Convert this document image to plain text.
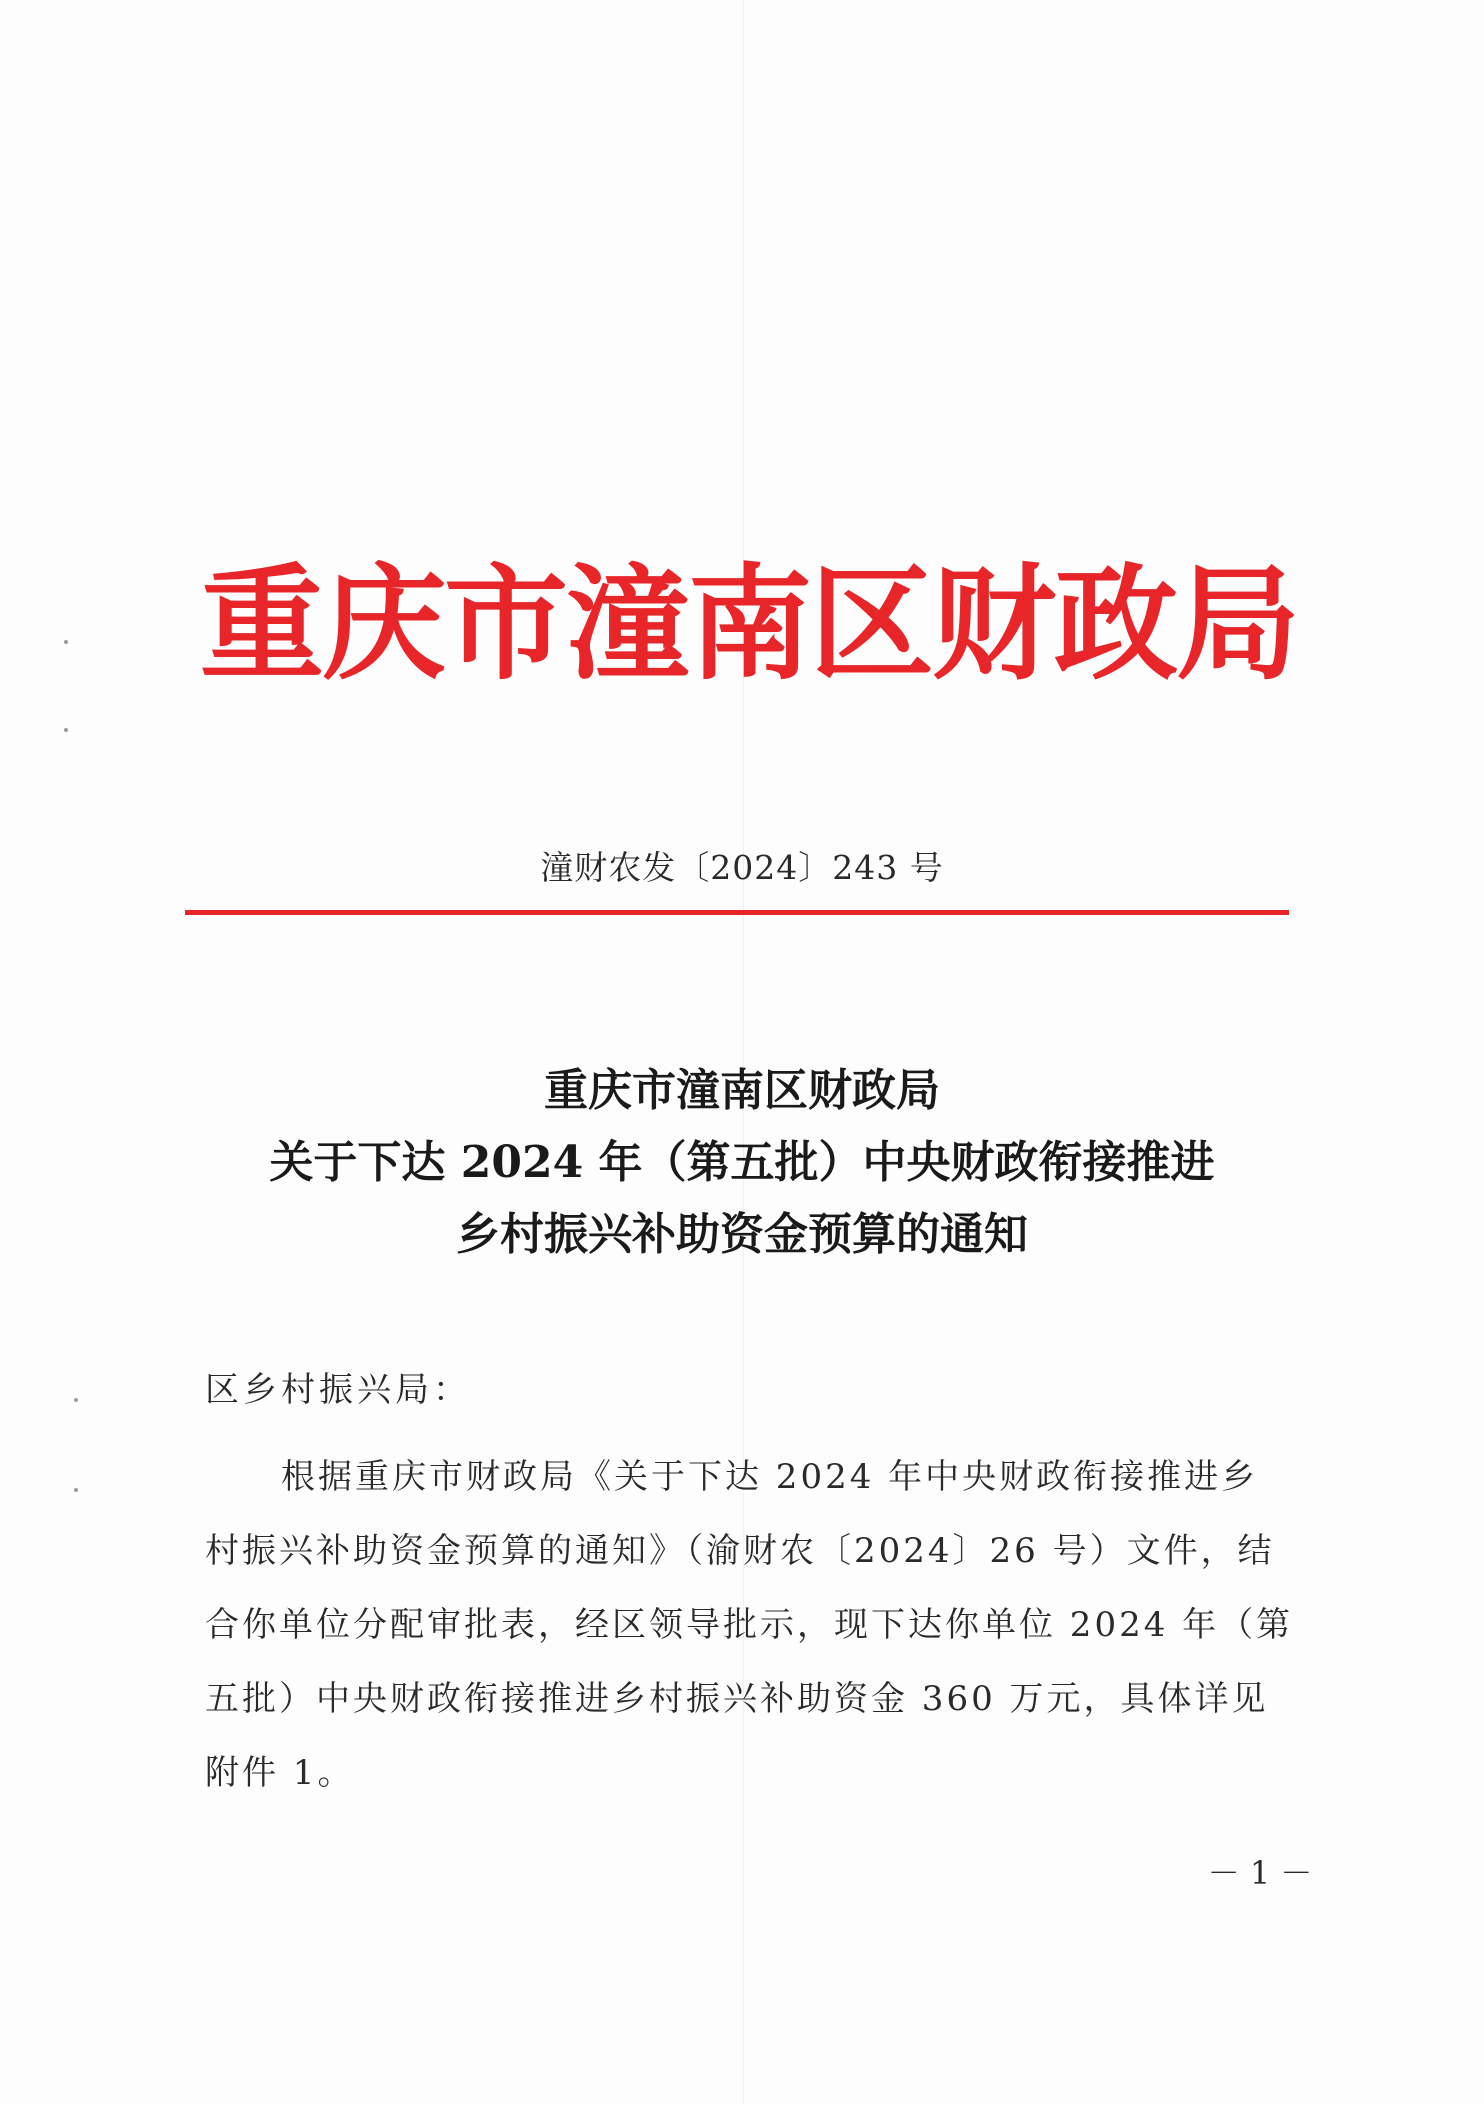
重庆市潼南区财政局
潼财农发〔2024〕243 号
重庆市潼南区财政局
关于下达 2024 年（第五批）中央财政衔接推进
乡村振兴补助资金预算的通知
区乡村振兴局：
根据重庆市财政局《关于下达 2024 年中央财政衔接推进乡
村振兴补助资金预算的通知》（渝财农〔2024〕26 号）文件，结
合你单位分配审批表，经区领导批示，现下达你单位 2024 年（第
五批）中央财政衔接推进乡村振兴补助资金 360 万元，具体详见
附件 1。
－ 1 －
